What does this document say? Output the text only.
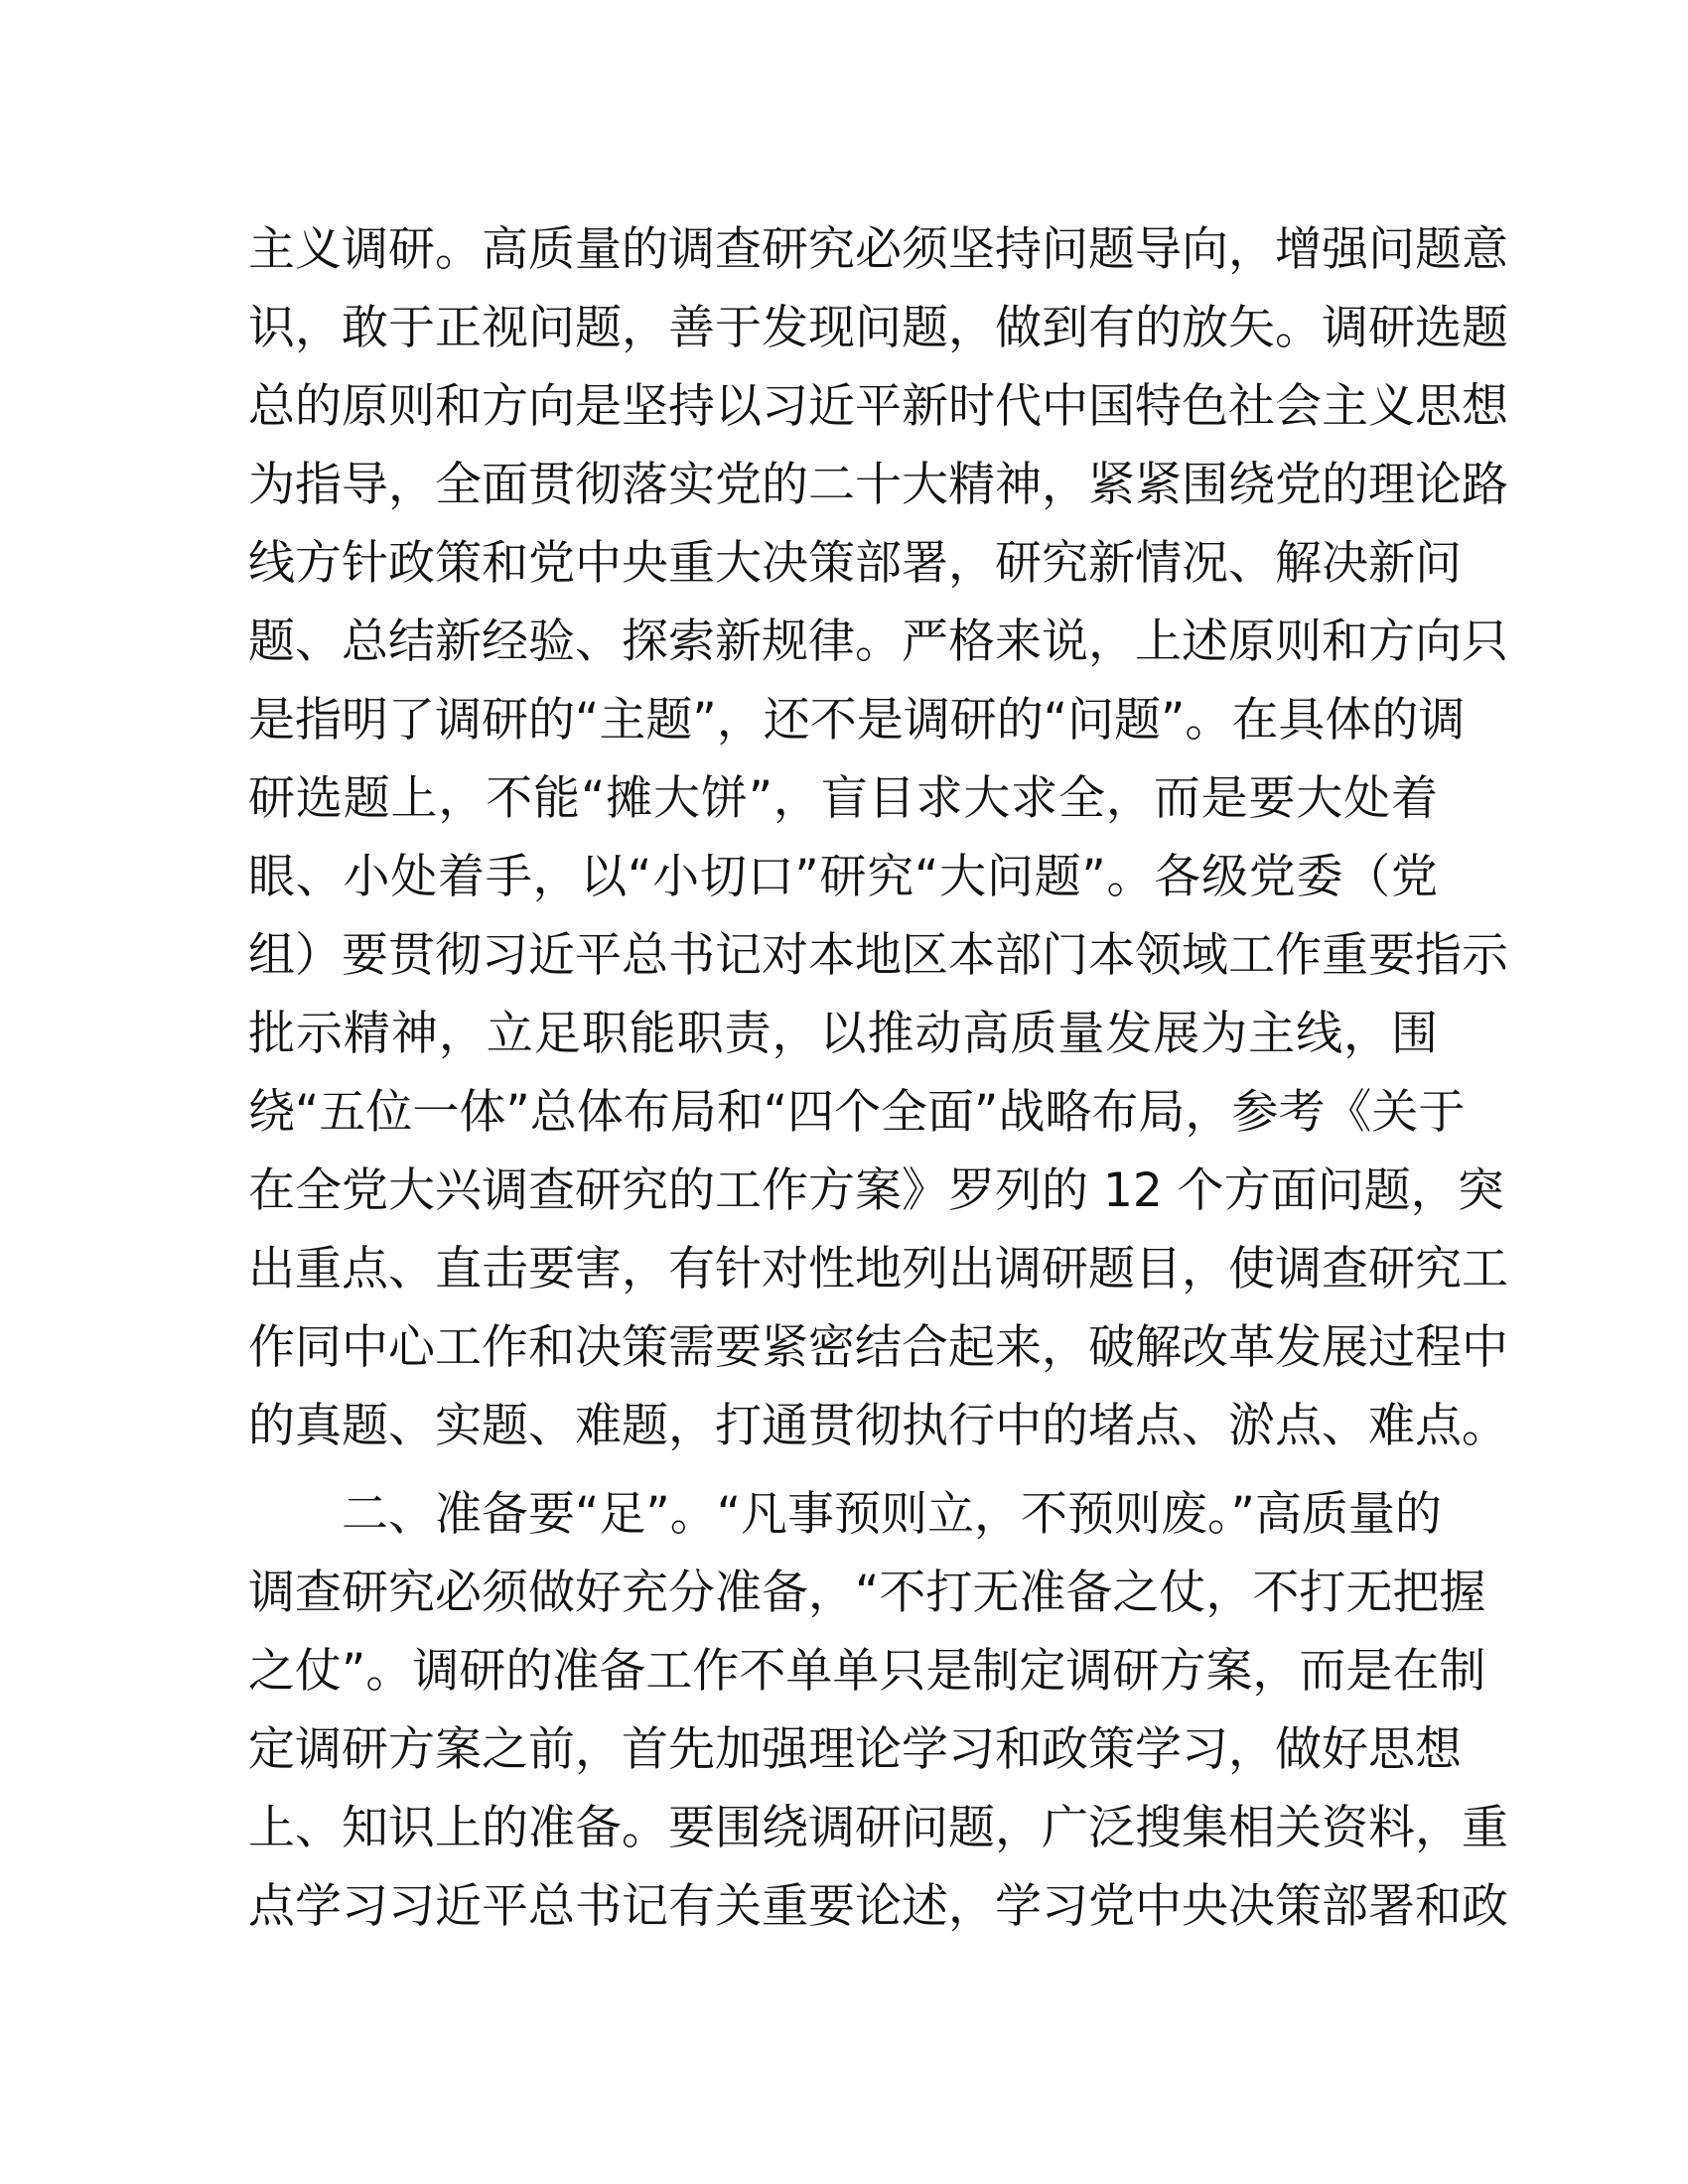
主义调研。高质量的调查研究必须坚持问题导向，增强问题意
识，敢于正视问题，善于发现问题，做到有的放矢。调研选题
总的原则和方向是坚持以习近平新时代中国特色社会主义思想
为指导，全面贯彻落实党的二十大精神，紧紧围绕党的理论路
线方针政策和党中央重大决策部署，研究新情况、解决新问
题、总结新经验、探索新规律。严格来说，上述原则和方向只
是指明了调研的“主题”，还不是调研的“问题”。在具体的调
研选题上，不能“摊大饼”，盲目求大求全，而是要大处着
眼、小处着手，以“小切口”研究“大问题”。各级党委（党
组）要贯彻习近平总书记对本地区本部门本领域工作重要指示
批示精神，立足职能职责，以推动高质量发展为主线，围
绕“五位一体”总体布局和“四个全面”战略布局，参考《关于
在全党大兴调查研究的工作方案》罗列的 12 个方面问题，突
出重点、直击要害，有针对性地列出调研题目，使调查研究工
作同中心工作和决策需要紧密结合起来，破解改革发展过程中
的真题、实题、难题，打通贯彻执行中的堵点、淤点、难点。
　　二、准备要“足”。“凡事预则立，不预则废。”高质量的
调查研究必须做好充分准备，“不打无准备之仗，不打无把握
之仗”。调研的准备工作不单单只是制定调研方案，而是在制
定调研方案之前，首先加强理论学习和政策学习，做好思想
上、知识上的准备。要围绕调研问题，广泛搜集相关资料，重
点学习习近平总书记有关重要论述，学习党中央决策部署和政
